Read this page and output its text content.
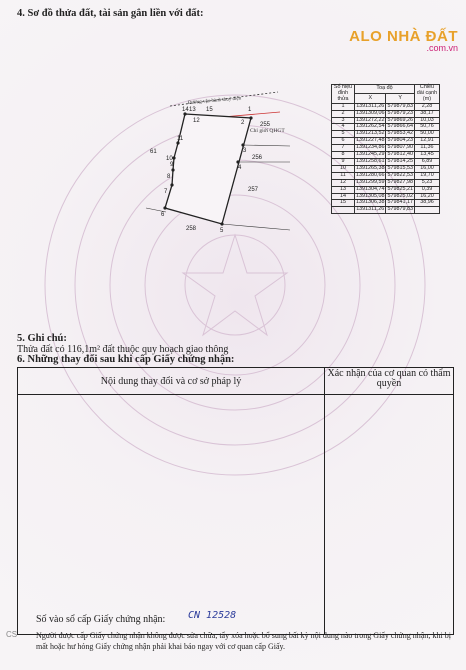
4. Sơ đồ thửa đất, tài sản gắn liền với đất:
ALO NHÀ ĐẤT
.com.vn
Đường vận hành thuỷ điện
Chỉ giới QHGT
14 13 15
12
1
2
3
4
5
6
7
8
9
10
11
255
256
257
258
61
Số hiệu đỉnh thửa	Toạ độ		Chiều dài cạnh (m)
	X	Y	
1	1391311,26	579879,83	2,28
2	1391309,06	579879,23	38,17
3	1391272,22	579869,26	10,03
4	1391262,54	579866,64	50,76
5	1391213,52	579853,42	50,00
6	1391227,48	579804,23	12,91
7	1391234,86	579807,90	11,36
8	1391245,29	579812,40	13,45
9	1391258,61	579814,25	6,89
10	1391265,38	579815,53	16,00
11	1391280,66	579822,53	19,70
12	1391299,59	579827,98	5,23
13	1391304,74	579825,21	0,39
14	1391305,08	579825,02	16,20
15	1391306,38	579841,17	38,96
	1391311,26	579879,83	
5. Ghi chú:
Thửa đất có 116,1m² đất thuộc quy hoạch giao thông
6. Những thay đổi sau khi cấp Giấy chứng nhận:
Nội dung thay đổi và cơ sở pháp lý
Xác nhận của cơ quan có thẩm quyền
Số vào sổ cấp Giấy chứng nhận: CN 12528
Người được cấp Giấy chứng nhận không được sửa chữa, tẩy xóa hoặc bổ sung bất kỳ nội dung nào trong Giấy chứng nhận; khi bị mất hoặc hư hỏng Giấy chứng nhận phải khai báo ngay với cơ quan cấp Giấy.
CS
